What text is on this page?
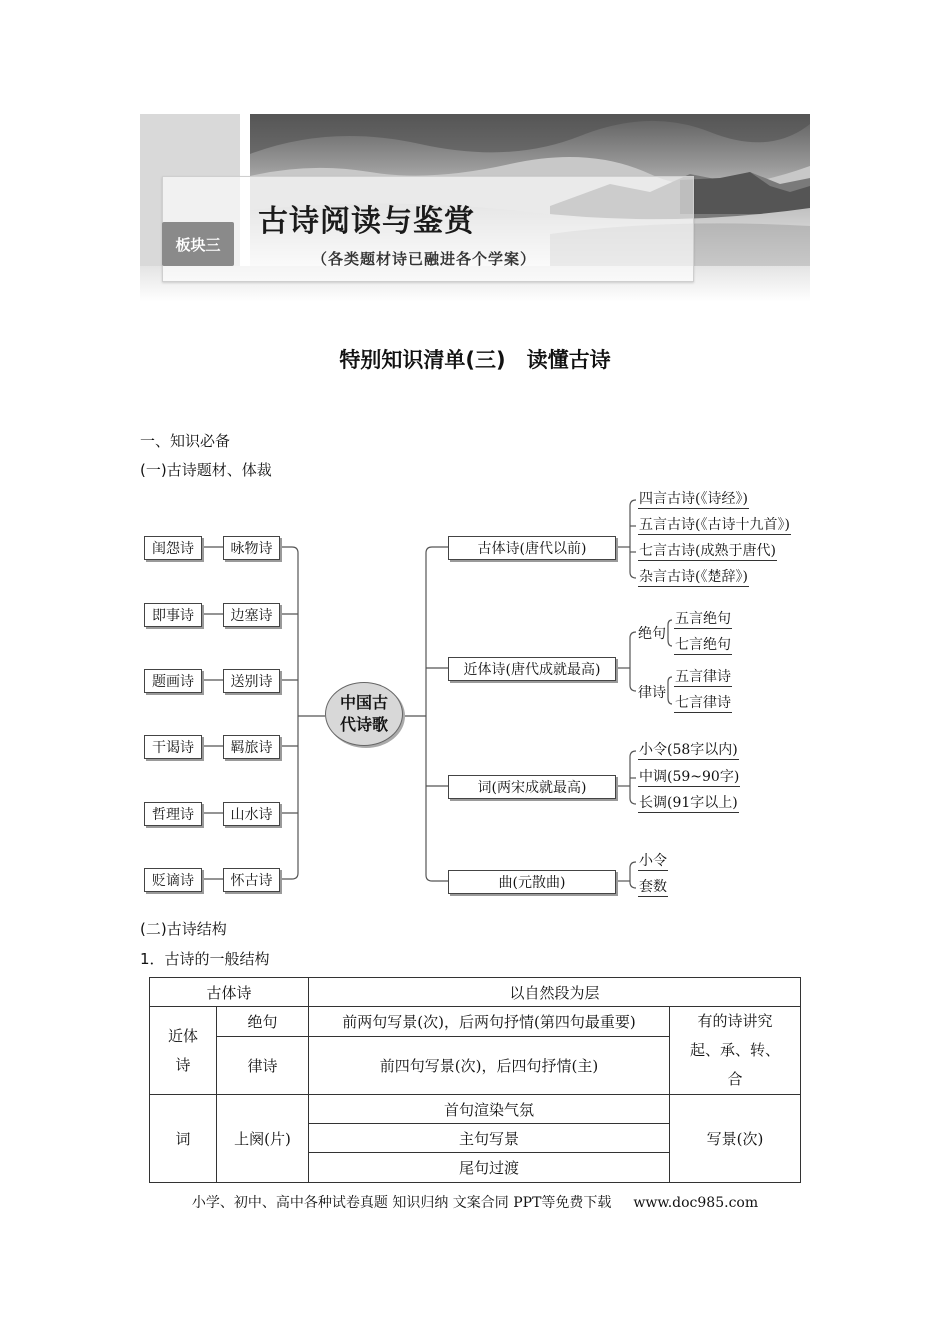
板块三
古诗阅读与鉴赏
（各类题材诗已融进各个学案）
特别知识清单(三)　读懂古诗
一、知识必备
(一)古诗题材、体裁
闺怨诗
即事诗
题画诗
干谒诗
哲理诗
贬谪诗
咏物诗
边塞诗
送别诗
羁旅诗
山水诗
怀古诗
中国古
代诗歌
古体诗(唐代以前)
近体诗(唐代成就最高)
词(两宋成就最高)
曲(元散曲)
四言古诗(《诗经》)
五言古诗(《古诗十九首》)
七言古诗(成熟于唐代)
杂言古诗(《楚辞》)
绝句
五言绝句
七言绝句
律诗
五言律诗
七言律诗
小令(58字以内)
中调(59~90字)
长调(91字以上)
小令
套数
(二)古诗结构
1．古诗的一般结构
古体诗		以自然段为层	

近体诗	绝句	前两句写景(次)，后两句抒情(第四句最重要)	有的诗讲究起、承、转、合

	律诗	前四句写景(次)，后四句抒情(主)	
词	上阕(片)	首句渲染气氛	写景(次)
		主句写景	
		尾句过渡	
小学、初中、高中各种试卷真题 知识归纳 文案合同 PPT等免费下载 www.doc985.com
